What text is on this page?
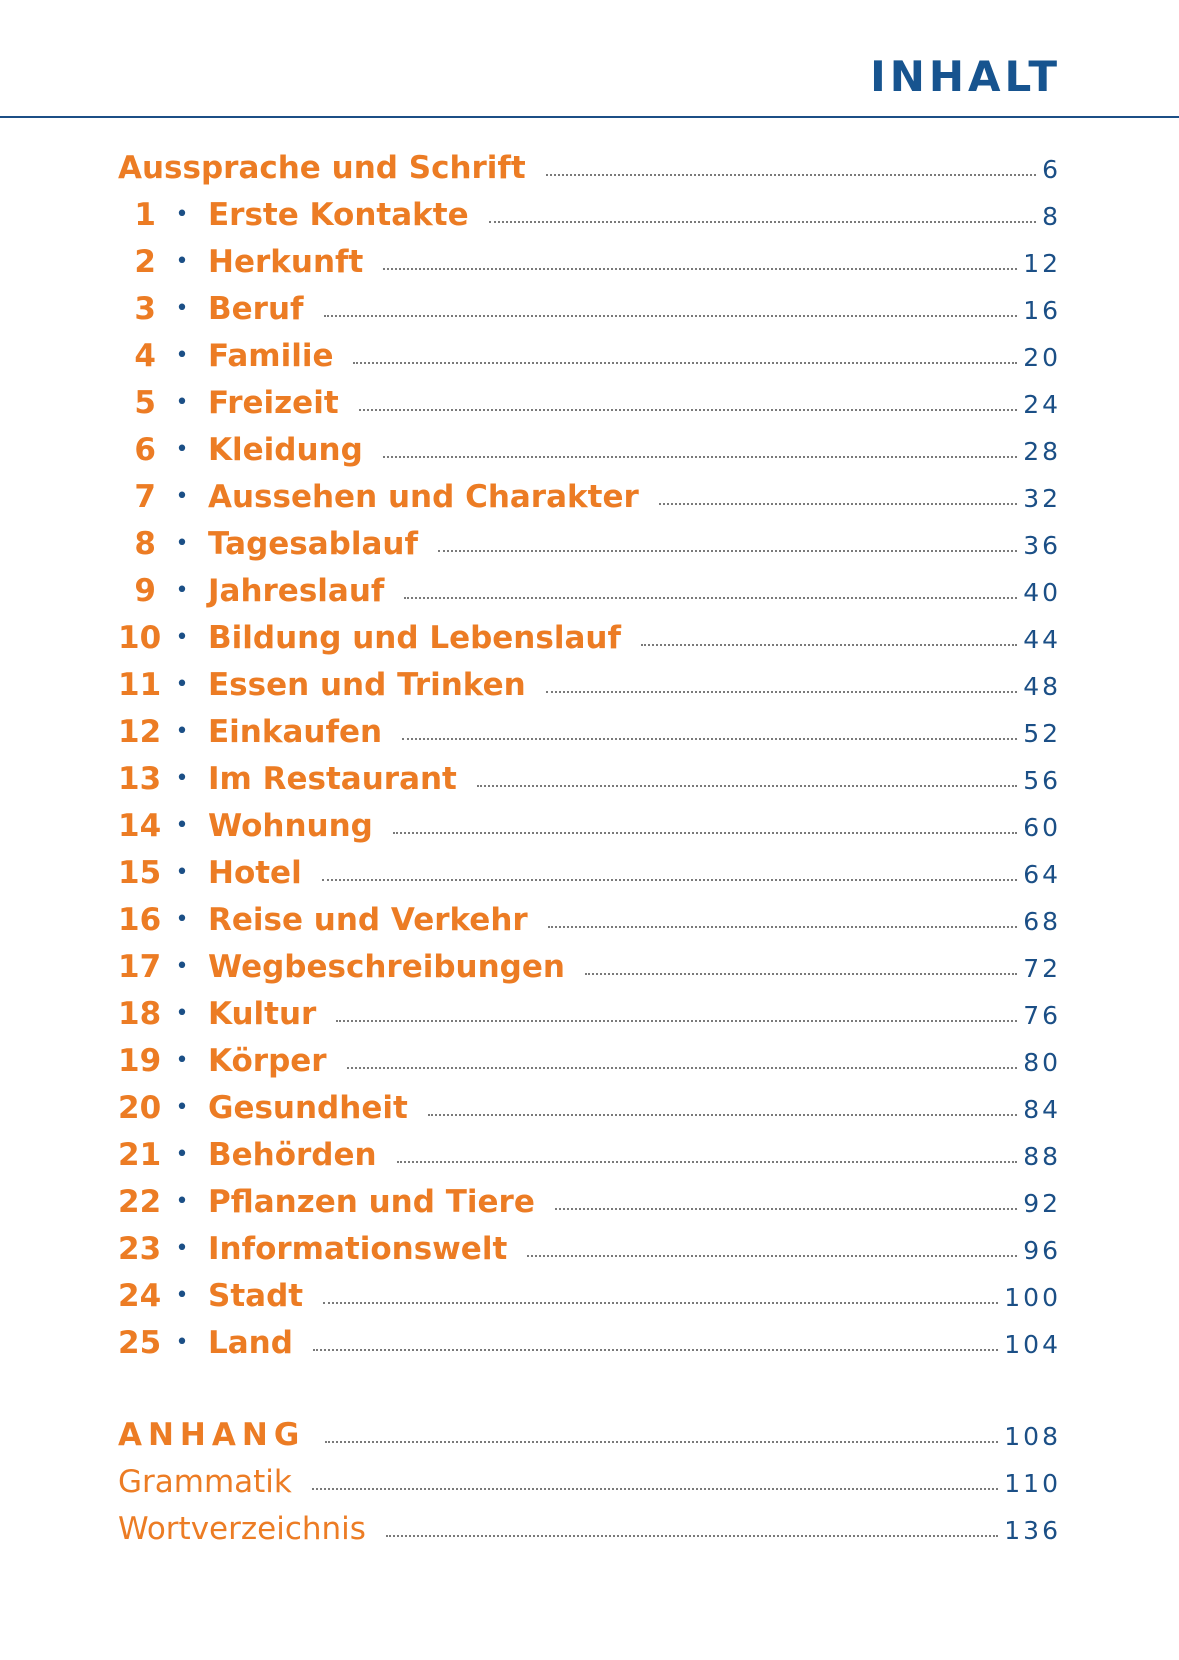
INHALT
Aussprache und Schrift	6
1 • Erste Kontakte	8
2 • Herkunft	12
3 • Beruf	16
4 • Familie	20
5 • Freizeit	24
6 • Kleidung	28
7 • Aussehen und Charakter	32
8 • Tagesablauf	36
9 • Jahreslauf	40
10 • Bildung und Lebenslauf	44
11 • Essen und Trinken	48
12 • Einkaufen	52
13 • Im Restaurant	56
14 • Wohnung	60
15 • Hotel	64
16 • Reise und Verkehr	68
17 • Wegbeschreibungen	72
18 • Kultur	76
19 • Körper	80
20 • Gesundheit	84
21 • Behörden	88
22 • Pflanzen und Tiere	92
23 • Informationswelt	96
24 • Stadt	100
25 • Land	104
ANHANG	108
Grammatik	110
Wortverzeichnis	136
